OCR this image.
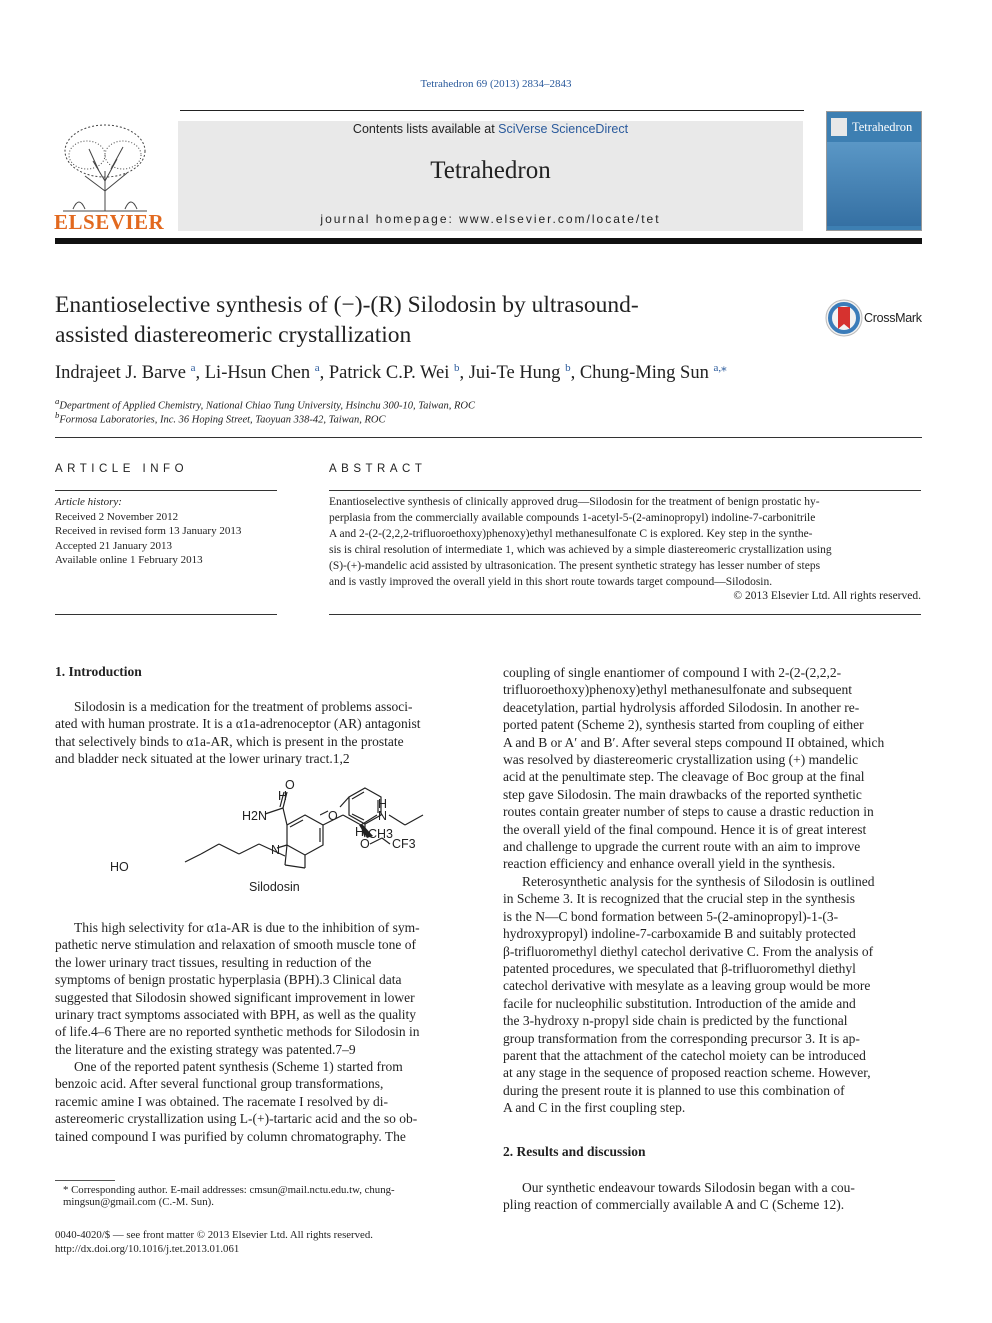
Tetrahedron 69 (2013) 2834–2843
ELSEVIER
Contents lists available at SciVerse ScienceDirect
Tetrahedron
journal homepage: www.elsevier.com/locate/tet
Tetrahedron
Enantioselective synthesis of (−)-(R) Silodosin by ultrasound-
assisted diastereomeric crystallization
CrossMark
Indrajeet J. Barve $^a$, Li-Hsun Chen $^a$, Patrick C.P. Wei $^b$, Jui-Te Hung $^b$, Chung-Ming Sun $^{a,⁎}$
$^a$Department of Applied Chemistry, National Chiao Tung University, Hsinchu 300-10, Taiwan, ROC
$^b$Formosa Laboratories, Inc. 36 Hoping Street, Taoyuan 338-42, Taiwan, ROC
ARTICLE INFO
Article history:
Received 2 November 2012
Received in revised form 13 January 2013
Accepted 21 January 2013
Available online 1 February 2013
ABSTRACT
Enantioselective synthesis of clinically approved drug—Silodosin for the treatment of benign prostatic hy-
perplasia from the commercially available compounds 1-acetyl-5-(2-aminopropyl) indoline-7-carbonitrile
A and 2-(2-(2,2,2-trifluoroethoxy)phenoxy)ethyl methanesulfonate C is explored. Key step in the synthe-
sis is chiral resolution of intermediate 1, which was achieved by a simple diastereomeric crystallization using
(S)-(+)-mandelic acid assisted by ultrasonication. The present synthetic strategy has lesser number of steps
and is vastly improved the overall yield in this short route towards target compound—Silodosin.
© 2013 Elsevier Ltd. All rights reserved.
1. Introduction
Silodosin is a medication for the treatment of problems associ-
ated with human prostrate. It is a α1a-adrenoceptor (AR) antagonist
that selectively binds to α1a-AR, which is present in the prostate
and bladder neck situated at the lower urinary tract.1,2
O
H2N
N
H
H
N
H CH3
HO
Silodosin
O
O CF3
This high selectivity for α1a-AR is due to the inhibition of sym-
pathetic nerve stimulation and relaxation of smooth muscle tone of
the lower urinary tract tissues, resulting in reduction of the
symptoms of benign prostatic hyperplasia (BPH).3 Clinical data
suggested that Silodosin showed significant improvement in lower
urinary tract symptoms associated with BPH, as well as the quality
of life.4–6 There are no reported synthetic methods for Silodosin in
the literature and the existing strategy was patented.7–9
One of the reported patent synthesis (Scheme 1) started from
benzoic acid. After several functional group transformations,
racemic amine I was obtained. The racemate I resolved by di-
astereomeric crystallization using L-(+)-tartaric acid and the so ob-
tained compound I was purified by column chromatography. The
* Corresponding author. E-mail addresses: cmsun@mail.nctu.edu.tw, chung-
mingsun@gmail.com (C.-M. Sun).
0040-4020/$ — see front matter © 2013 Elsevier Ltd. All rights reserved.
http://dx.doi.org/10.1016/j.tet.2013.01.061
coupling of single enantiomer of compound I with 2-(2-(2,2,2-
trifluoroethoxy)phenoxy)ethyl methanesulfonate and subsequent
deacetylation, partial hydrolysis afforded Silodosin. In another re-
ported patent (Scheme 2), synthesis started from coupling of either
A and B or A′ and B′. After several steps compound II obtained, which
was resolved by diastereomeric crystallization using (+) mandelic
acid at the penultimate step. The cleavage of Boc group at the final
step gave Silodosin. The main drawbacks of the reported synthetic
routes contain greater number of steps to cause a drastic reduction in
the overall yield of the final compound. Hence it is of great interest
and challenge to upgrade the current route with an aim to improve
reaction efficiency and enhance overall yield in the synthesis.
Reterosynthetic analysis for the synthesis of Silodosin is outlined
in Scheme 3. It is recognized that the crucial step in the synthesis
is the N—C bond formation between 5-(2-aminopropyl)-1-(3-
hydroxypropyl) indoline-7-carboxamide B and suitably protected
β-trifluoromethyl diethyl catechol derivative C. From the analysis of
patented procedures, we speculated that β-trifluoromethyl diethyl
catechol derivative with mesylate as a leaving group would be more
facile for nucleophilic substitution. Introduction of the amide and
the 3-hydroxy n-propyl side chain is predicted by the functional
group transformation from the corresponding precursor 3. It is ap-
parent that the attachment of the catechol moiety can be introduced
at any stage in the sequence of proposed reaction scheme. However,
during the present route it is planned to use this combination of
A and C in the first coupling step.
2. Results and discussion
Our synthetic endeavour towards Silodosin began with a cou-
pling reaction of commercially available A and C (Scheme 12).
